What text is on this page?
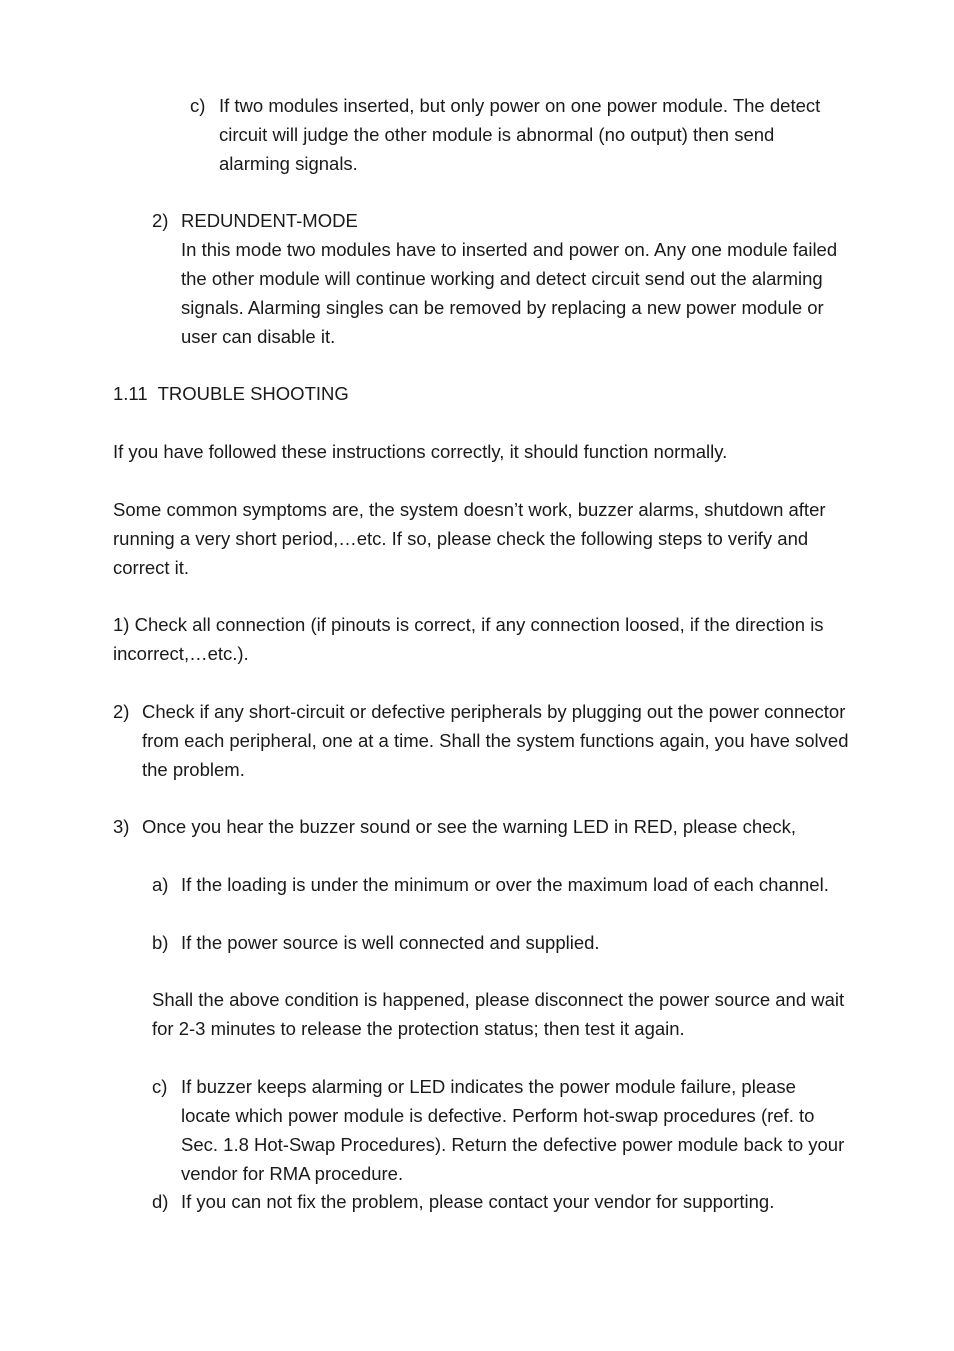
c) If two modules inserted, but only power on one power module. The detect circuit will judge the other module is abnormal (no output) then send alarming signals.
2) REDUNDENT-MODE
In this mode two modules have to inserted and power on. Any one module failed the other module will continue working and detect circuit send out the alarming signals. Alarming singles can be removed by replacing a new power module or user can disable it.

1.11  TROUBLE SHOOTING

If you have followed these instructions correctly, it should function normally.

Some common symptoms are, the system doesn’t work, buzzer alarms, shutdown after running a very short period,…etc. If so, please check the following steps to verify and correct it.

1) Check all connection (if pinouts is correct, if any connection loosed, if the direction is incorrect,…etc.).

2) Check if any short-circuit or defective peripherals by plugging out the power connector from each peripheral, one at a time. Shall the system functions again, you have solved the problem.
3) Once you hear the buzzer sound or see the warning LED in RED, please check,
a) If the loading is under the minimum or over the maximum load of each channel.
b) If the power source is well connected and supplied.

Shall the above condition is happened, please disconnect the power source and wait for 2-3 minutes to release the protection status; then test it again.

c) If buzzer keeps alarming or LED indicates the power module failure, please locate which power module is defective. Perform hot-swap procedures (ref. to Sec. 1.8 Hot-Swap Procedures). Return the defective power module back to your vendor for RMA procedure.
d) If you can not fix the problem, please contact your vendor for supporting.
